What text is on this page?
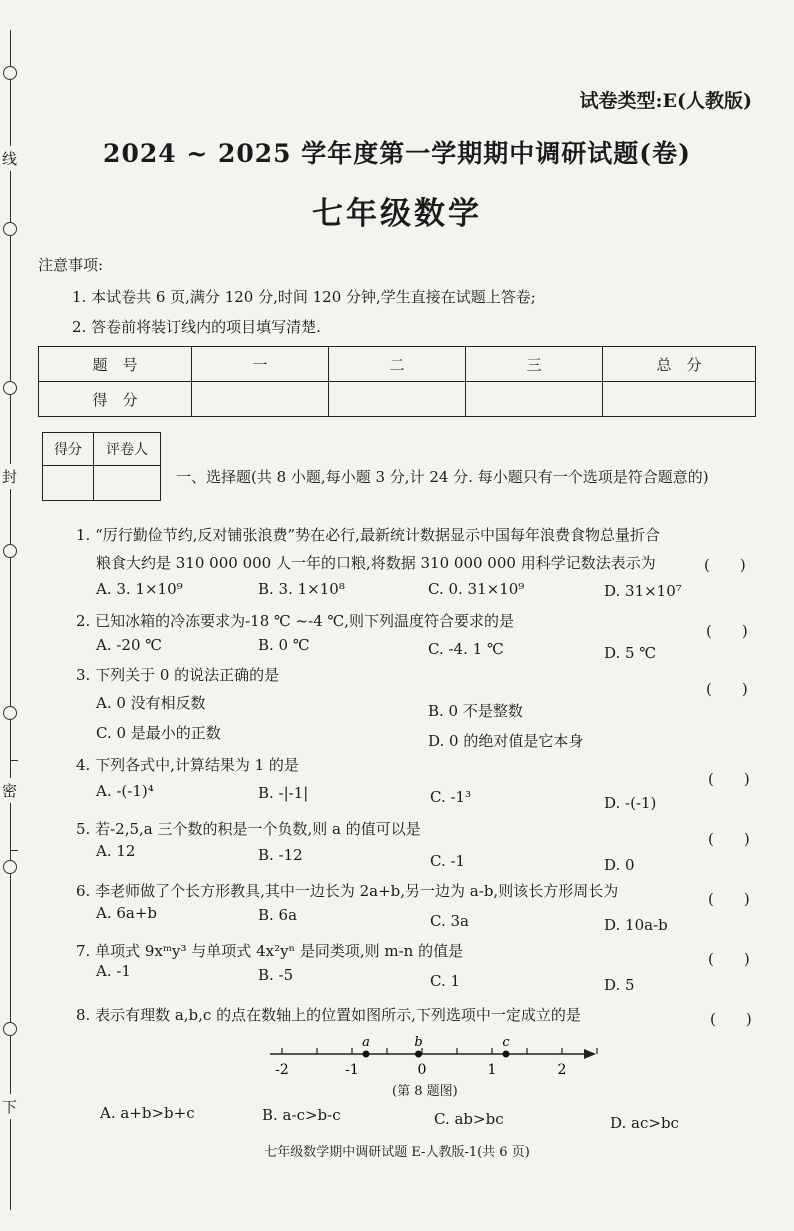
线
封
密
下
试卷类型:E(人教版)
2024 ~ 2025 学年度第一学期期中调研试题(卷)
七年级数学
注意事项:
1. 本试卷共 6 页,满分 120 分,时间 120 分钟,学生直接在试题上答卷;
2. 答卷前将装订线内的项目填写清楚.
题　号	一	二	三	总　分
得　分				
得分	评卷人

一、选择题(共 8 小题,每小题 3 分,计 24 分. 每小题只有一个选项是符合题意的)
1. “厉行勤俭节约,反对铺张浪费”势在必行,最新统计数据显示中国每年浪费食物总量折合
粮食大约是 310 000 000 人一年的口粮,将数据 310 000 000 用科学记数法表示为	(　　)
A. 3. 1×10⁹	B. 3. 1×10⁸	C. 0. 31×10⁹	D. 31×10⁷
2. 已知冰箱的冷冻要求为-18 ℃ ~-4 ℃,则下列温度符合要求的是
(　　)
A. -20 ℃	B. 0 ℃	C. -4. 1 ℃	D. 5 ℃
3. 下列关于 0 的说法正确的是
(　　)
A. 0 没有相反数	B. 0 不是整数
C. 0 是最小的正数	D. 0 的绝对值是它本身
4. 下列各式中,计算结果为 1 的是
(　　)
A. -(-1)⁴	B. -|-1|	C. -1³	D. -(-1)
5. 若-2,5,a 三个数的积是一个负数,则 a 的值可以是
(　　)
A. 12	B. -12	C. -1	D. 0
6. 李老师做了个长方形教具,其中一边长为 2a+b,另一边为 a-b,则该长方形周长为	(　　)
A. 6a+b	B. 6a	C. 3a	D. 10a-b
7. 单项式 9xᵐy³ 与单项式 4x²yⁿ 是同类项,则 m-n 的值是	(　　)
A. -1	B. -5	C. 1	D. 5
8. 表示有理数 a,b,c 的点在数轴上的位置如图所示,下列选项中一定成立的是	(　　)
-2	-1	0	1	2
a	b	c
(第 8 题图)
A. a+b>b+c	B. a-c>b-c	C. ab>bc	D. ac>bc
七年级数学期中调研试题 E-人教版-1(共 6 页)
